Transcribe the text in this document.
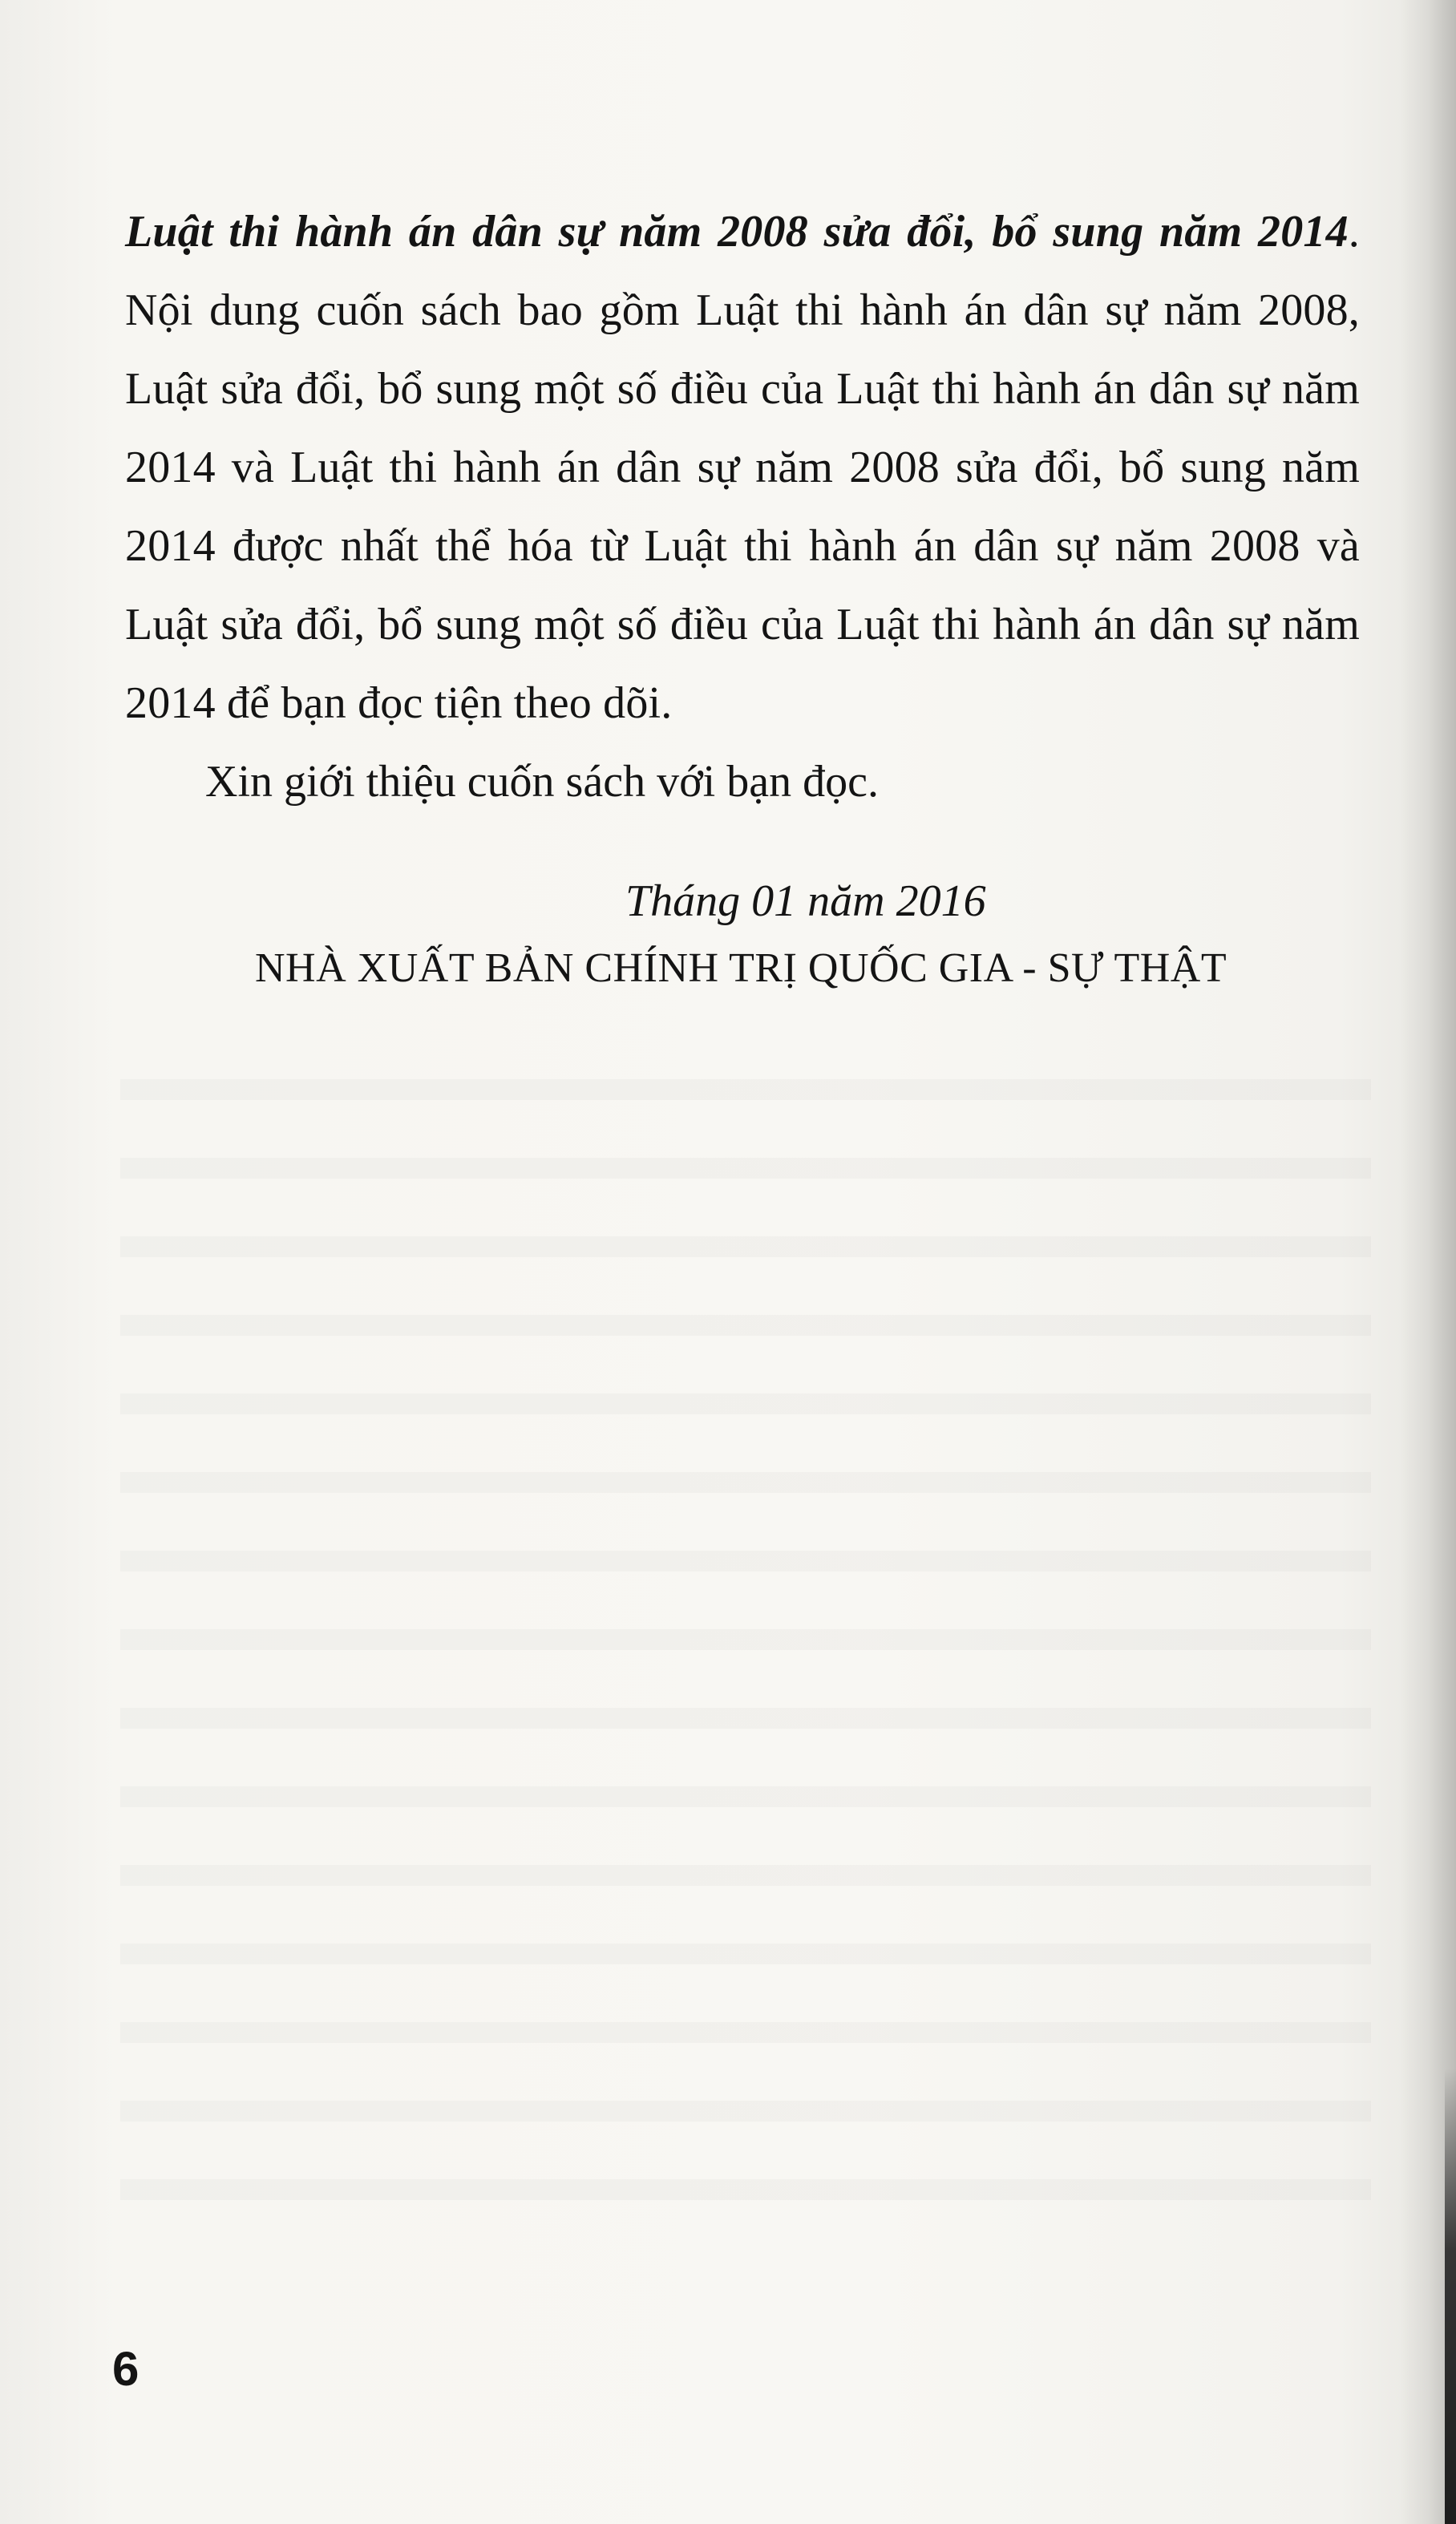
Luật thi hành án dân sự năm 2008 sửa đổi, bổ sung năm 2014. Nội dung cuốn sách bao gồm Luật thi hành án dân sự năm 2008, Luật sửa đổi, bổ sung một số điều của Luật thi hành án dân sự năm 2014 và Luật thi hành án dân sự năm 2008 sửa đổi, bổ sung năm 2014 được nhất thể hóa từ Luật thi hành án dân sự năm 2008 và Luật sửa đổi, bổ sung một số điều của Luật thi hành án dân sự năm 2014 để bạn đọc tiện theo dõi.

Xin giới thiệu cuốn sách với bạn đọc.

Tháng 01 năm 2016
NHÀ XUẤT BẢN CHÍNH TRỊ QUỐC GIA - SỰ THẬT
6
